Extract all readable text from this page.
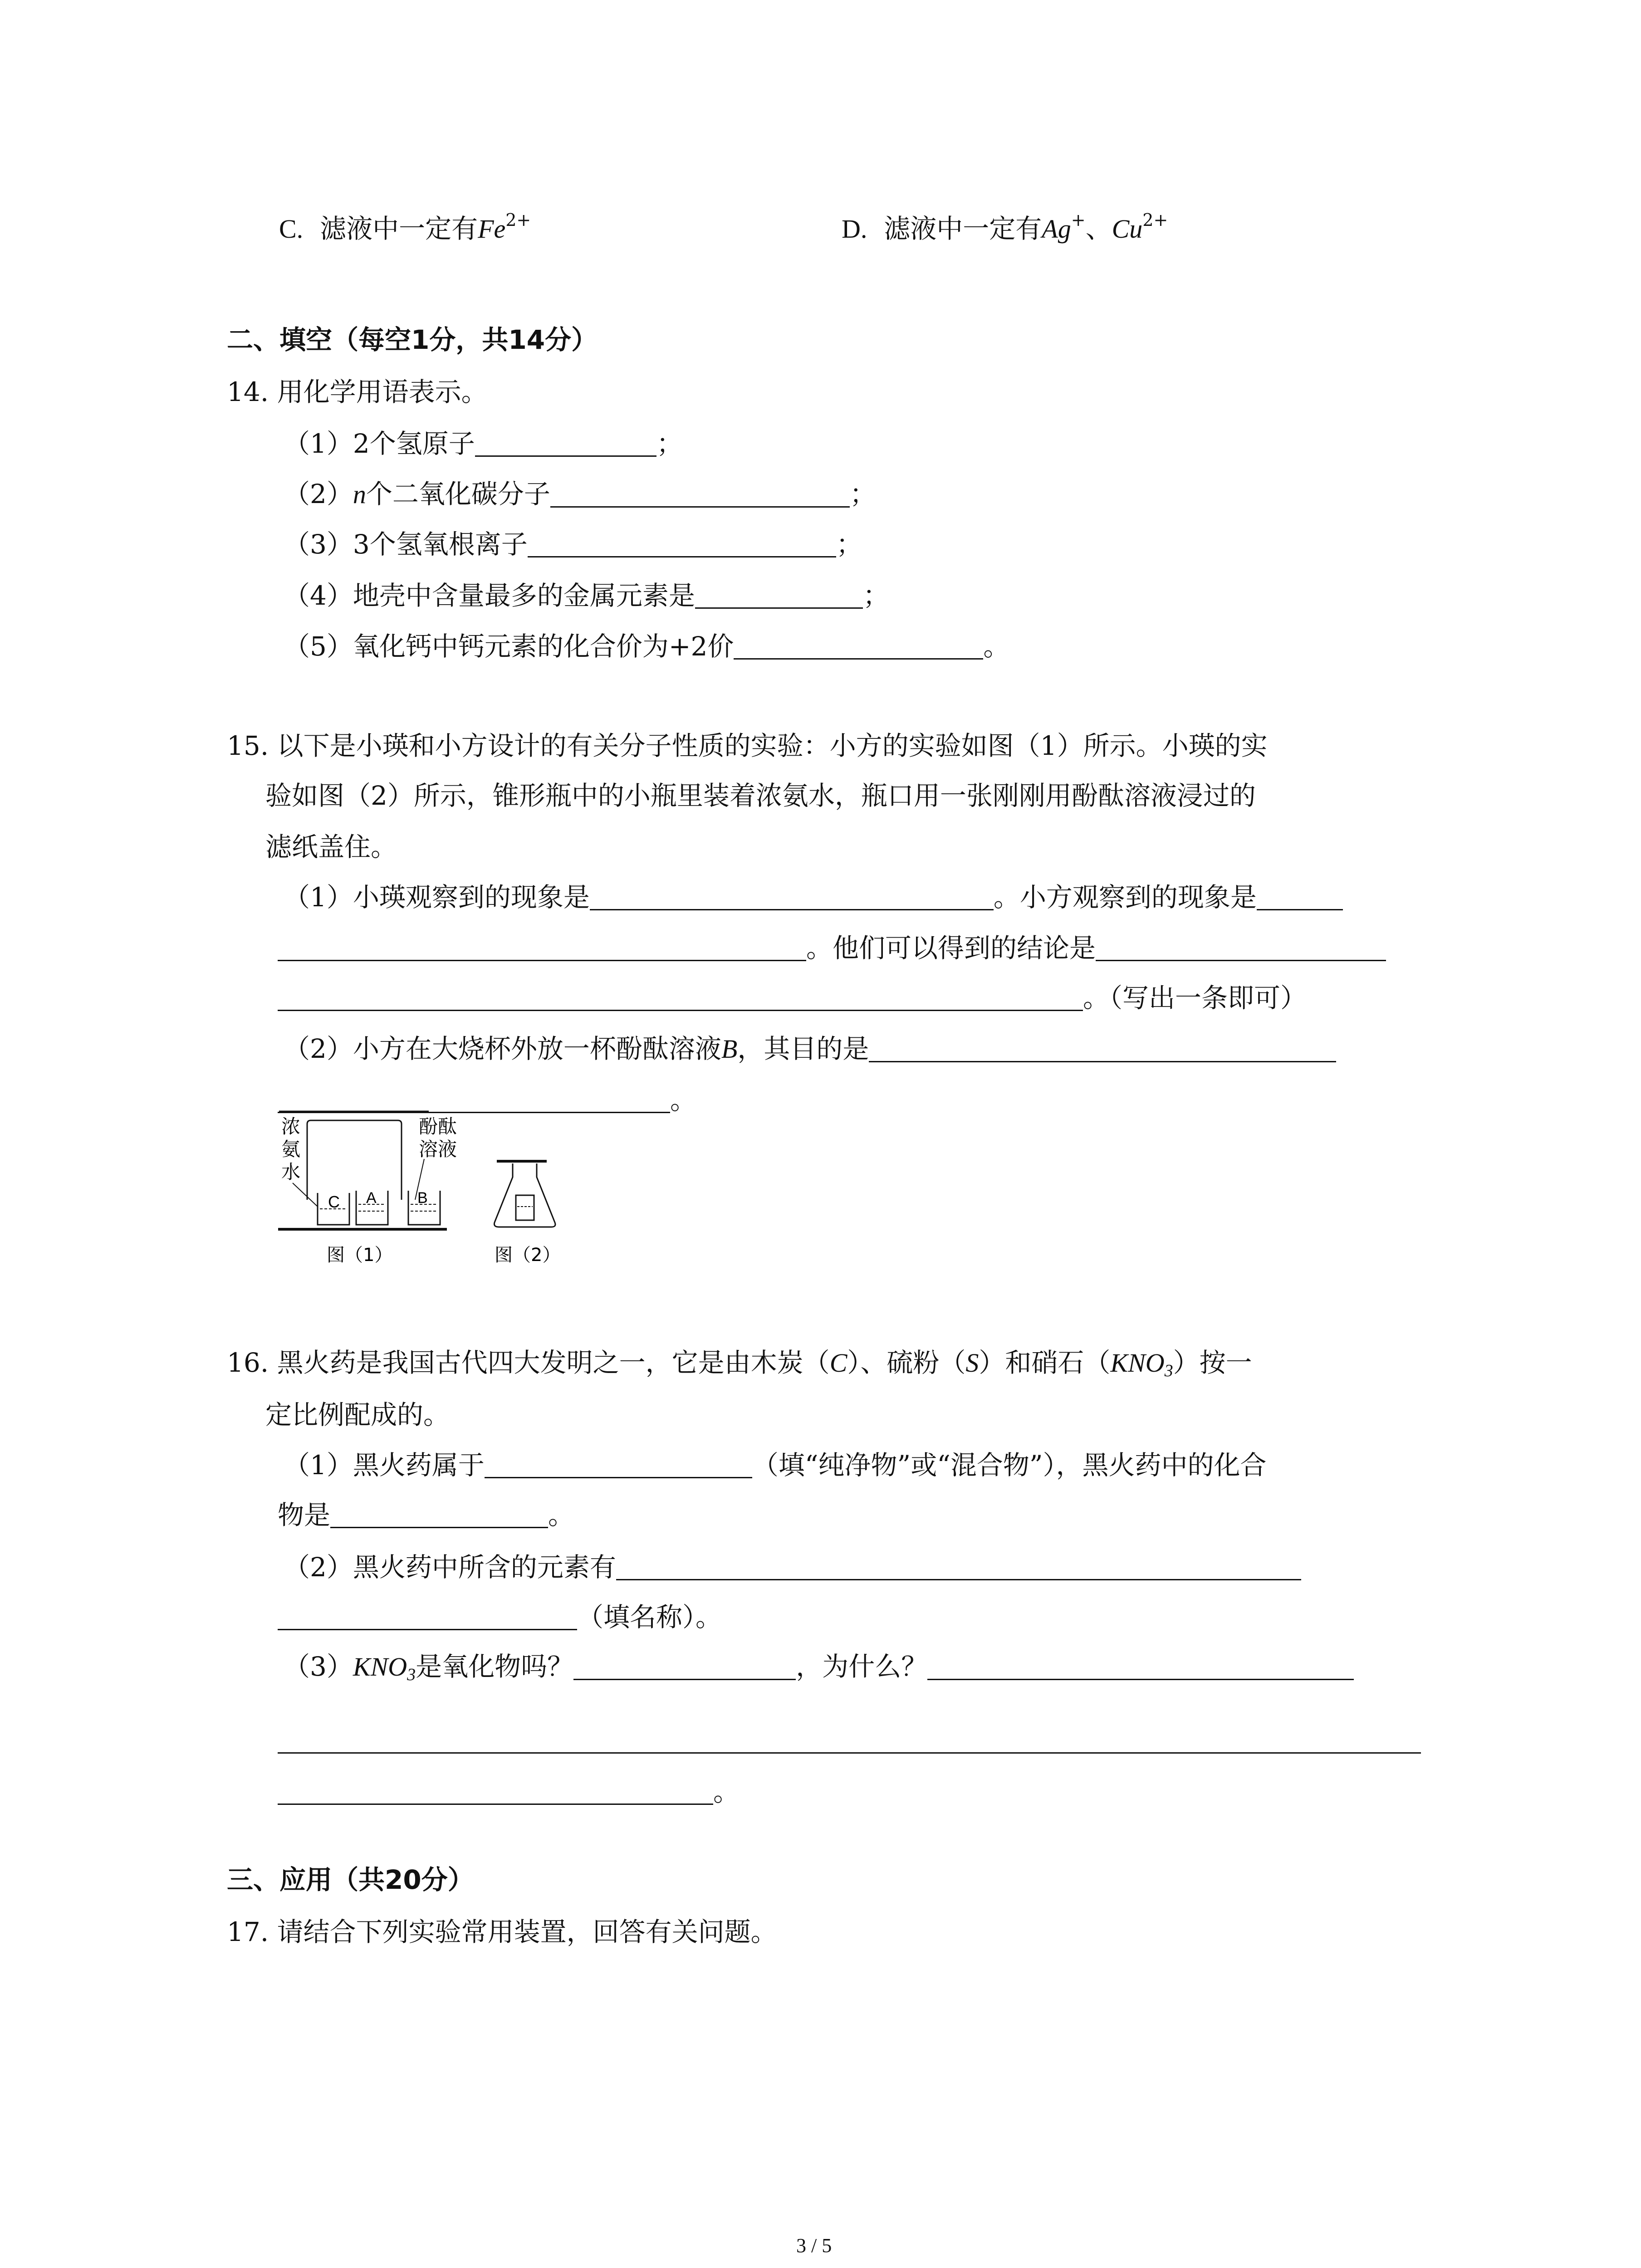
C. 滤液中一定有$Fe^{2+}$	D. 滤液中一定有Ag+、$Cu^{2+}$
二、填空（每空1分，共14分）
14. 用化学用语表示。
（1）2个氢原子	；
（2）n个二氧化碳分子	；
（3）3个氢氧根离子	；
（4）地壳中含量最多的金属元素是	；
（5）氧化钙中钙元素的化合价为+2价	。
15. 以下是小瑛和小方设计的有关分子性质的实验：小方的实验如图（1）所示。小瑛的实
验如图（2）所示，锥形瓶中的小瓶里装着浓氨水，瓶口用一张刚刚用酚酞溶液浸过的
滤纸盖住。
（1）小瑛观察到的现象是	。小方观察到的现象是
。他们可以得到的结论是
。（写出一条即可）
（2）小方在大烧杯外放一杯酚酞溶液B，其目的是
。
浓
氨
水
酚酞
溶液
C A	B
图（1）	图（2）
16. 黑火药是我国古代四大发明之一，它是由木炭（C）、硫粉（S）和硝石$(KNO_3)$按一
定比例配成的。
（1）黑火药属于	（填“纯净物”或“混合物”），黑火药中的化合
物是	。
（2）黑火药中所含的元素有
（填名称）。
$(3)KNO_3$是氧化物吗？	，为什么？
。
三、应用（共20分）
17. 请结合下列实验常用装置，回答有关问题。
3 / 5
